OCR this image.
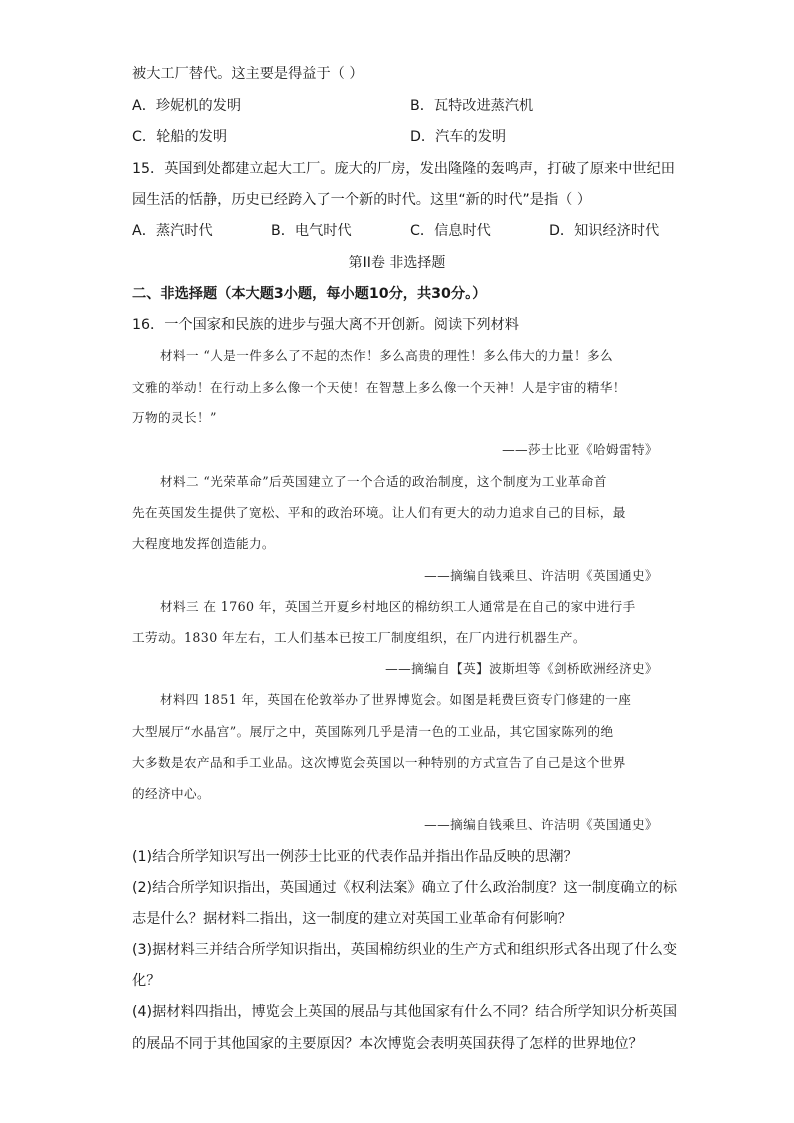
被大工厂替代。这主要是得益于（ ）
A．珍妮机的发明	B．瓦特改进蒸汽机
C．轮船的发明	D．汽车的发明
15．英国到处都建立起大工厂。庞大的厂房，发出隆隆的轰鸣声，打破了原来中世纪田
园生活的恬静，历史已经跨入了一个新的时代。这里“新的时代”是指（ ）
A．蒸汽时代	B．电气时代	C．信息时代	D．知识经济时代
第II卷 非选择题
二、非选择题（本大题3小题，每小题10分，共30分。）
16．一个国家和民族的进步与强大离不开创新。阅读下列材料
材料一 “人是一件多么了不起的杰作！多么高贵的理性！多么伟大的力量！多么
文雅的举动！在行动上多么像一个天使！在智慧上多么像一个天神！人是宇宙的精华！
万物的灵长！”
——莎士比亚《哈姆雷特》
材料二 “光荣革命”后英国建立了一个合适的政治制度，这个制度为工业革命首
先在英国发生提供了宽松、平和的政治环境。让人们有更大的动力追求自己的目标，最
大程度地发挥创造能力。
——摘编自钱乘旦、许洁明《英国通史》
材料三 在 1760 年，英国兰开夏乡村地区的棉纺织工人通常是在自己的家中进行手
工劳动。1830 年左右，工人们基本已按工厂制度组织，在厂内进行机器生产。
——摘编自【英】波斯坦等《剑桥欧洲经济史》
材料四 1851 年，英国在伦敦举办了世界博览会。如图是耗费巨资专门修建的一座
大型展厅“水晶宫”。展厅之中，英国陈列几乎是清一色的工业品，其它国家陈列的绝
大多数是农产品和手工业品。这次博览会英国以一种特别的方式宣告了自己是这个世界
的经济中心。
——摘编自钱乘旦、许洁明《英国通史》
(1)结合所学知识写出一例莎士比亚的代表作品并指出作品反映的思潮？
(2)结合所学知识指出，英国通过《权利法案》确立了什么政治制度？这一制度确立的标
志是什么？据材料二指出，这一制度的建立对英国工业革命有何影响？
(3)据材料三并结合所学知识指出，英国棉纺织业的生产方式和组织形式各出现了什么变
化？
(4)据材料四指出，博览会上英国的展品与其他国家有什么不同？结合所学知识分析英国
的展品不同于其他国家的主要原因？本次博览会表明英国获得了怎样的世界地位？
